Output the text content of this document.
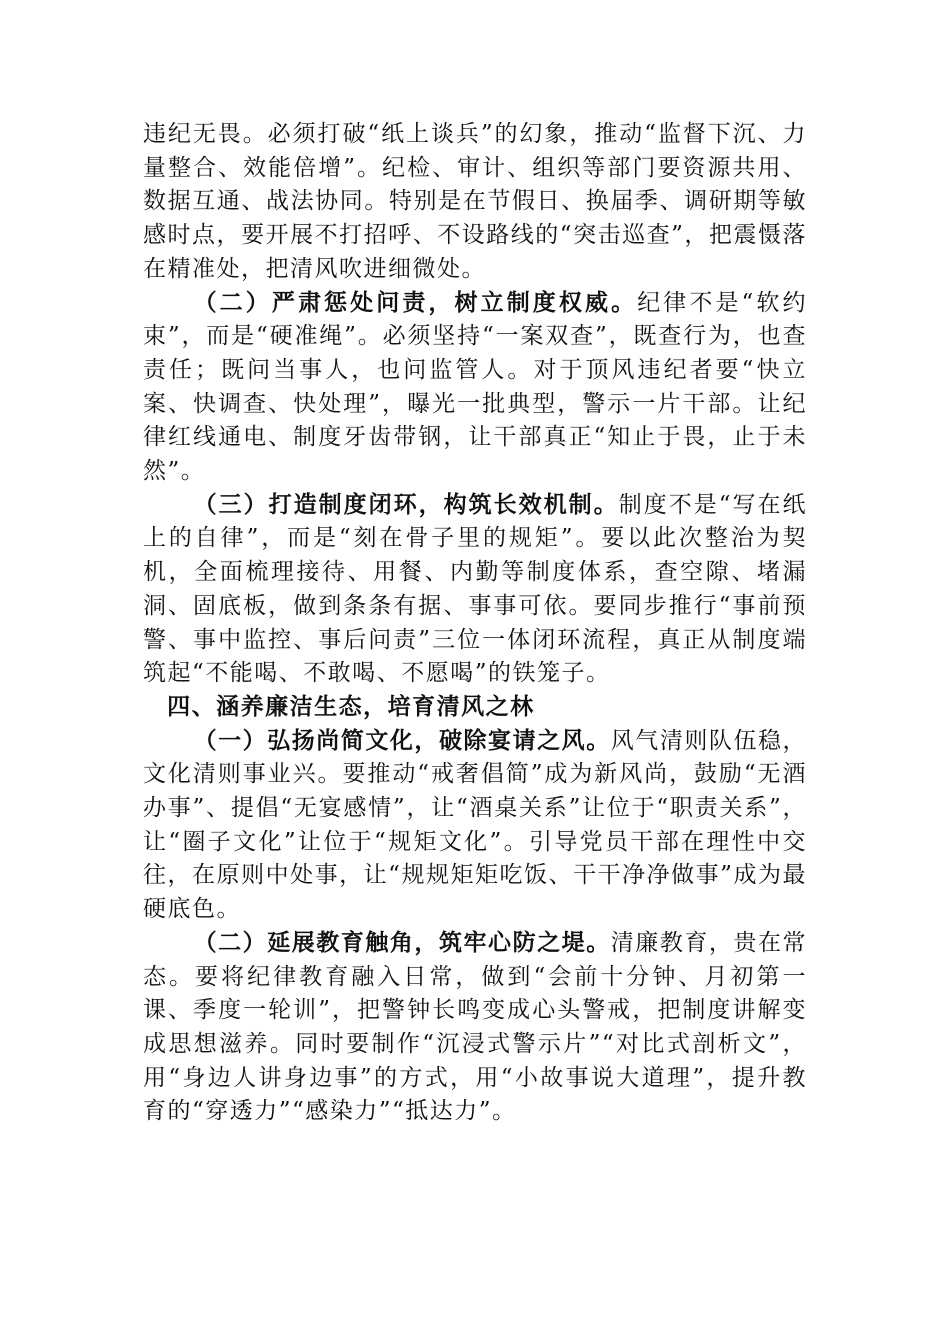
违纪无畏。必须打破“纸上谈兵”的幻象，推动“监督下沉、力量整合、效能倍增”。纪检、审计、组织等部门要资源共用、数据互通、战法协同。特别是在节假日、换届季、调研期等敏感时点，要开展不打招呼、不设路线的“突击巡查”，把震慑落在精准处，把清风吹进细微处。

（二）严肃惩处问责，树立制度权威。纪律不是“软约束”，而是“硬准绳”。必须坚持“一案双查”，既查行为，也查责任；既问当事人，也问监管人。对于顶风违纪者要“快立案、快调查、快处理”，曝光一批典型，警示一片干部。让纪律红线通电、制度牙齿带钢，让干部真正“知止于畏，止于未然”。

（三）打造制度闭环，构筑长效机制。制度不是“写在纸上的自律”，而是“刻在骨子里的规矩”。要以此次整治为契机，全面梳理接待、用餐、内勤等制度体系，查空隙、堵漏洞、固底板，做到条条有据、事事可依。要同步推行“事前预警、事中监控、事后问责”三位一体闭环流程，真正从制度端筑起“不能喝、不敢喝、不愿喝”的铁笼子。

四、涵养廉洁生态，培育清风之林

（一）弘扬尚简文化，破除宴请之风。风气清则队伍稳，文化清则事业兴。要推动“戒奢倡简”成为新风尚，鼓励“无酒办事”、提倡“无宴感情”，让“酒桌关系”让位于“职责关系”，让“圈子文化”让位于“规矩文化”。引导党员干部在理性中交往，在原则中处事，让“规规矩矩吃饭、干干净净做事”成为最硬底色。

（二）延展教育触角，筑牢心防之堤。清廉教育，贵在常态。要将纪律教育融入日常，做到“会前十分钟、月初第一课、季度一轮训”，把警钟长鸣变成心头警戒，把制度讲解变成思想滋养。同时要制作“沉浸式警示片”“对比式剖析文”，用“身边人讲身边事”的方式，用“小故事说大道理”，提升教育的“穿透力”“感染力”“抵达力”。
